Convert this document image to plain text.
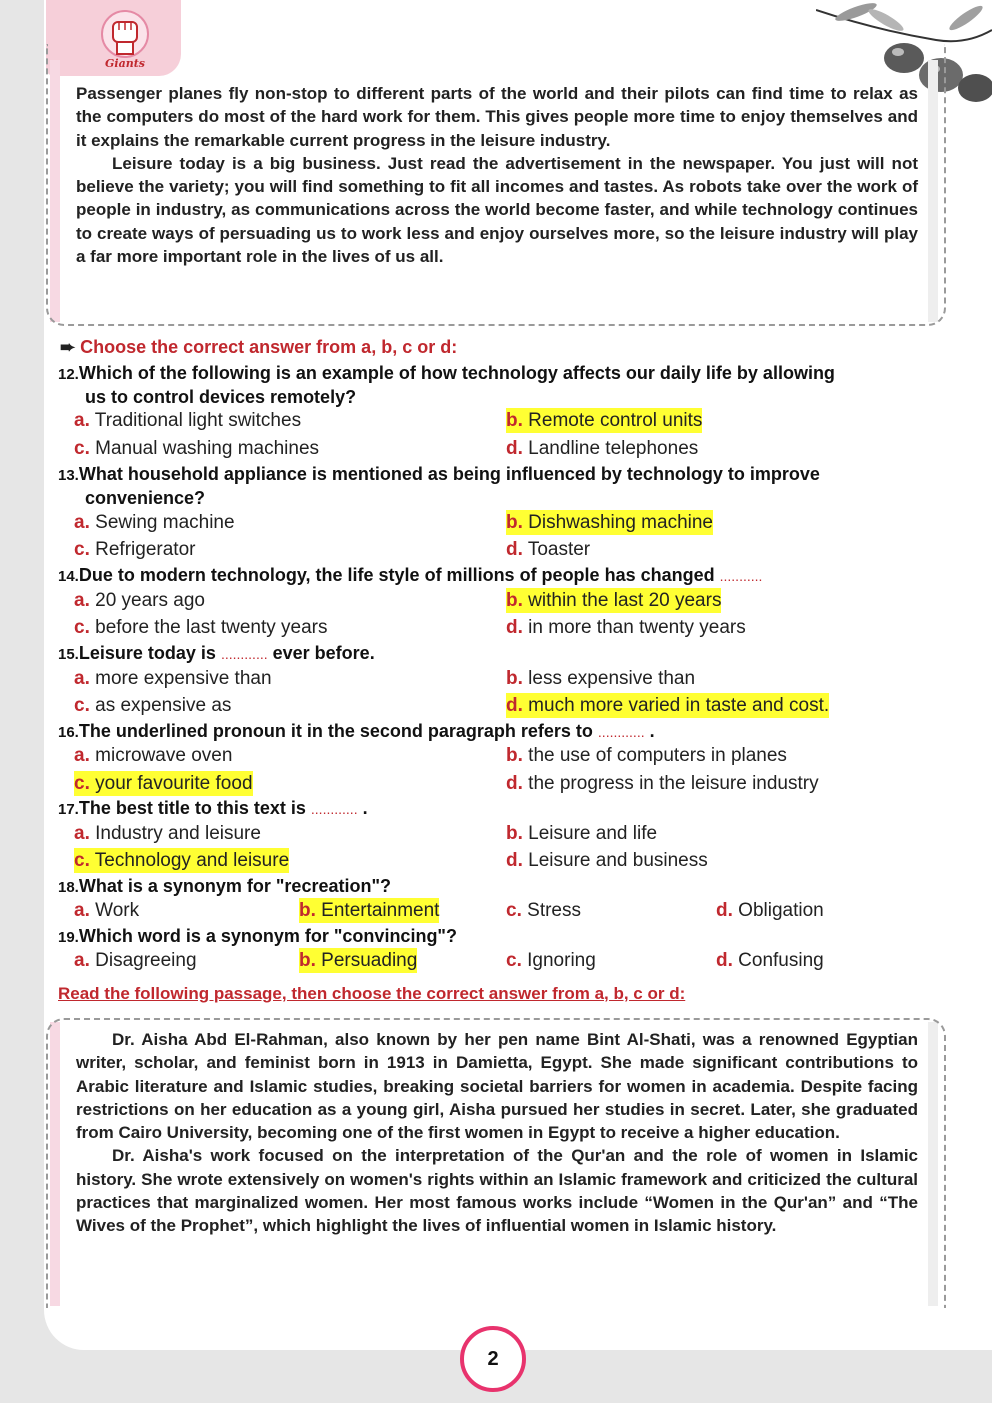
Giants

Passenger planes fly non-stop to different parts of the world and their pilots can find time to relax as the computers do most of the hard work for them. This gives people more time to enjoy themselves and it explains the remarkable current progress in the leisure industry.

Leisure today is a big business. Just read the advertisement in the newspaper. You just will not believe the variety; you will find something to fit all incomes and tastes. As robots take over the work of people in industry, as communications across the world become faster, and while technology continues to create ways of persuading us to work less and enjoy ourselves more, so the leisure industry will play a far more important role in the lives of us all.

➨ Choose the correct answer from a, b, c or d:
12.Which of the following is an example of how technology affects our daily life by allowing
us to control devices remotely?
a. Traditional light switches	b. Remote control units
c. Manual washing machines	d. Landline telephones
13.What household appliance is mentioned as being influenced by technology to improve
convenience?
a. Sewing machine	b. Dishwashing machine
c. Refrigerator	d. Toaster
14.Due to modern technology, the life style of millions of people has changed ...........
a. 20 years ago	b. within the last 20 years
c. before the last twenty years	d. in more than twenty years
15.Leisure today is ............ ever before.
a. more expensive than	b. less expensive than
c. as expensive as	d. much more varied in taste and cost.
16.The underlined pronoun it in the second paragraph refers to ............ .
a. microwave oven	b. the use of computers in planes
c. your favourite food	d. the progress in the leisure industry
17.The best title to this text is ............ .
a. Industry and leisure	b. Leisure and life
c. Technology and leisure	d. Leisure and business
18.What is a synonym for "recreation"?
a. Work	b. Entertainment	c. Stress	d. Obligation
19.Which word is a synonym for "convincing"?
a. Disagreeing	b. Persuading	c. Ignoring	d. Confusing
Read the following passage, then choose the correct answer from a, b, c or d:

Dr. Aisha Abd El-Rahman, also known by her pen name Bint Al-Shati, was a renowned Egyptian writer, scholar, and feminist born in 1913 in Damietta, Egypt. She made significant contributions to Arabic literature and Islamic studies, breaking societal barriers for women in academia. Despite facing restrictions on her education as a young girl, Aisha pursued her studies in secret. Later, she graduated from Cairo University, becoming one of the first women in Egypt to receive a higher education.

Dr. Aisha's work focused on the interpretation of the Qur'an and the role of women in Islamic history. She wrote extensively on women's rights within an Islamic framework and criticized the cultural practices that marginalized women. Her most famous works include “Women in the Qur'an” and “The Wives of the Prophet”, which highlight the lives of influential women in Islamic history.

2
